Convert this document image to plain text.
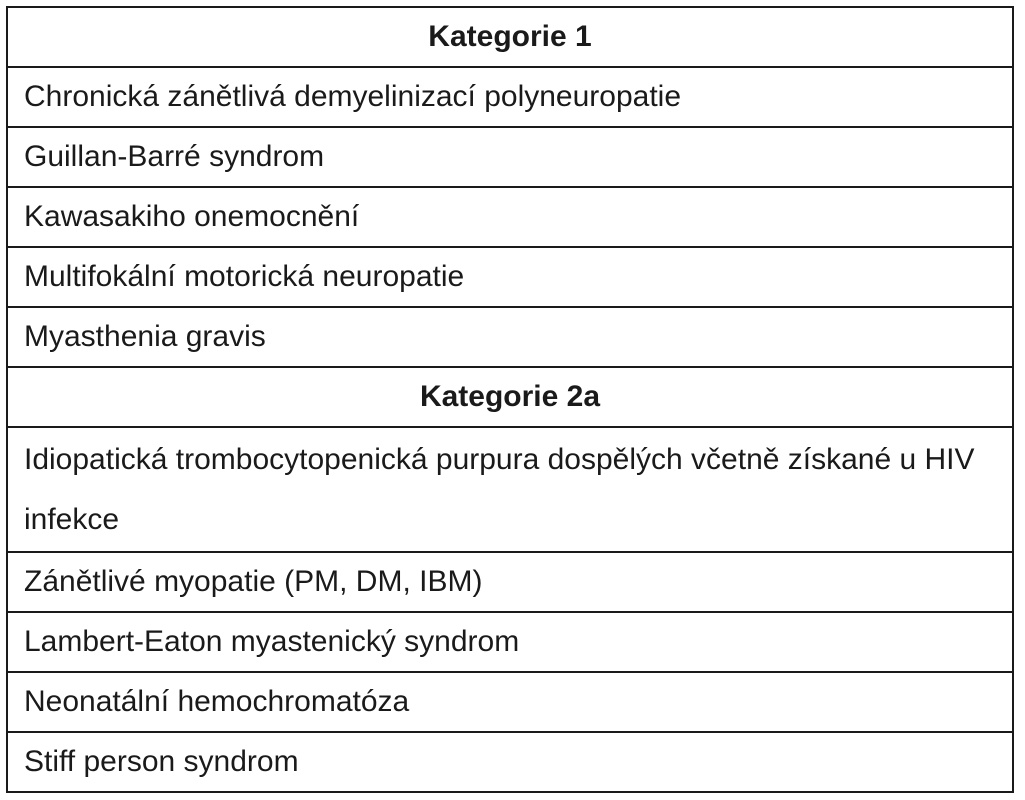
Kategorie 1
Chronická zánětlivá demyelinizací polyneuropatie
Guillan-Barré syndrom
Kawasakiho onemocnění
Multifokální motorická neuropatie
Myasthenia gravis
Kategorie 2a
Idiopatická trombocytopenická purpura dospělých včetně získané u HIV infekce
Zánětlivé myopatie (PM, DM, IBM)
Lambert-Eaton myastenický syndrom
Neonatální hemochromatóza
Stiff person syndrom
